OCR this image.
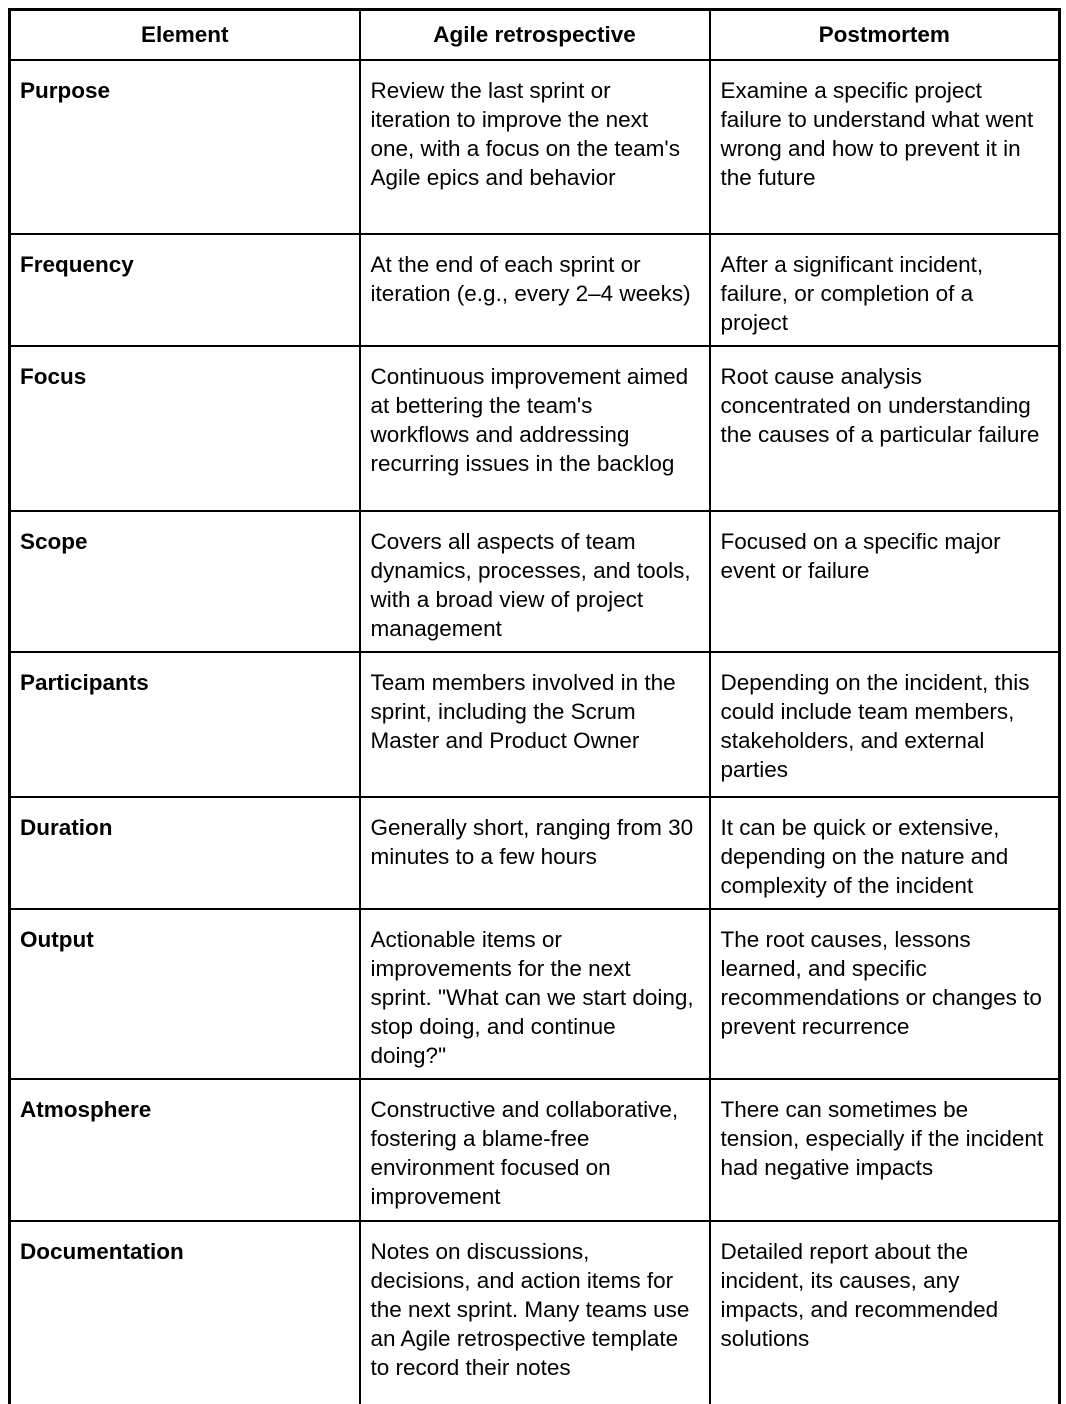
Element	Agile retrospective	Postmortem
Purpose	Review the last sprint or iteration to improve the next one, with a focus on the team's Agile epics and behavior	Examine a specific project failure to understand what went wrong and how to prevent it in the future
Frequency	At the end of each sprint or iteration (e.g., every 2–4 weeks)	After a significant incident, failure, or completion of a project
Focus	Continuous improvement aimed at bettering the team's workflows and addressing recurring issues in the backlog	Root cause analysis concentrated on understanding the causes of a particular failure
Scope	Covers all aspects of team dynamics, processes, and tools, with a broad view of project management	Focused on a specific major event or failure
Participants	Team members involved in the sprint, including the Scrum Master and Product Owner	Depending on the incident, this could include team members, stakeholders, and external parties
Duration	Generally short, ranging from 30 minutes to a few hours	It can be quick or extensive, depending on the nature and complexity of the incident
Output	Actionable items or improvements for the next sprint. "What can we start doing, stop doing, and continue doing?"	The root causes, lessons learned, and specific recommendations or changes to prevent recurrence
Atmosphere	Constructive and collaborative, fostering a blame-free environment focused on improvement	There can sometimes be tension, especially if the incident had negative impacts
Documentation	Notes on discussions, decisions, and action items for the next sprint. Many teams use an Agile retrospective template to record their notes	Detailed report about the incident, its causes, any impacts, and recommended solutions
